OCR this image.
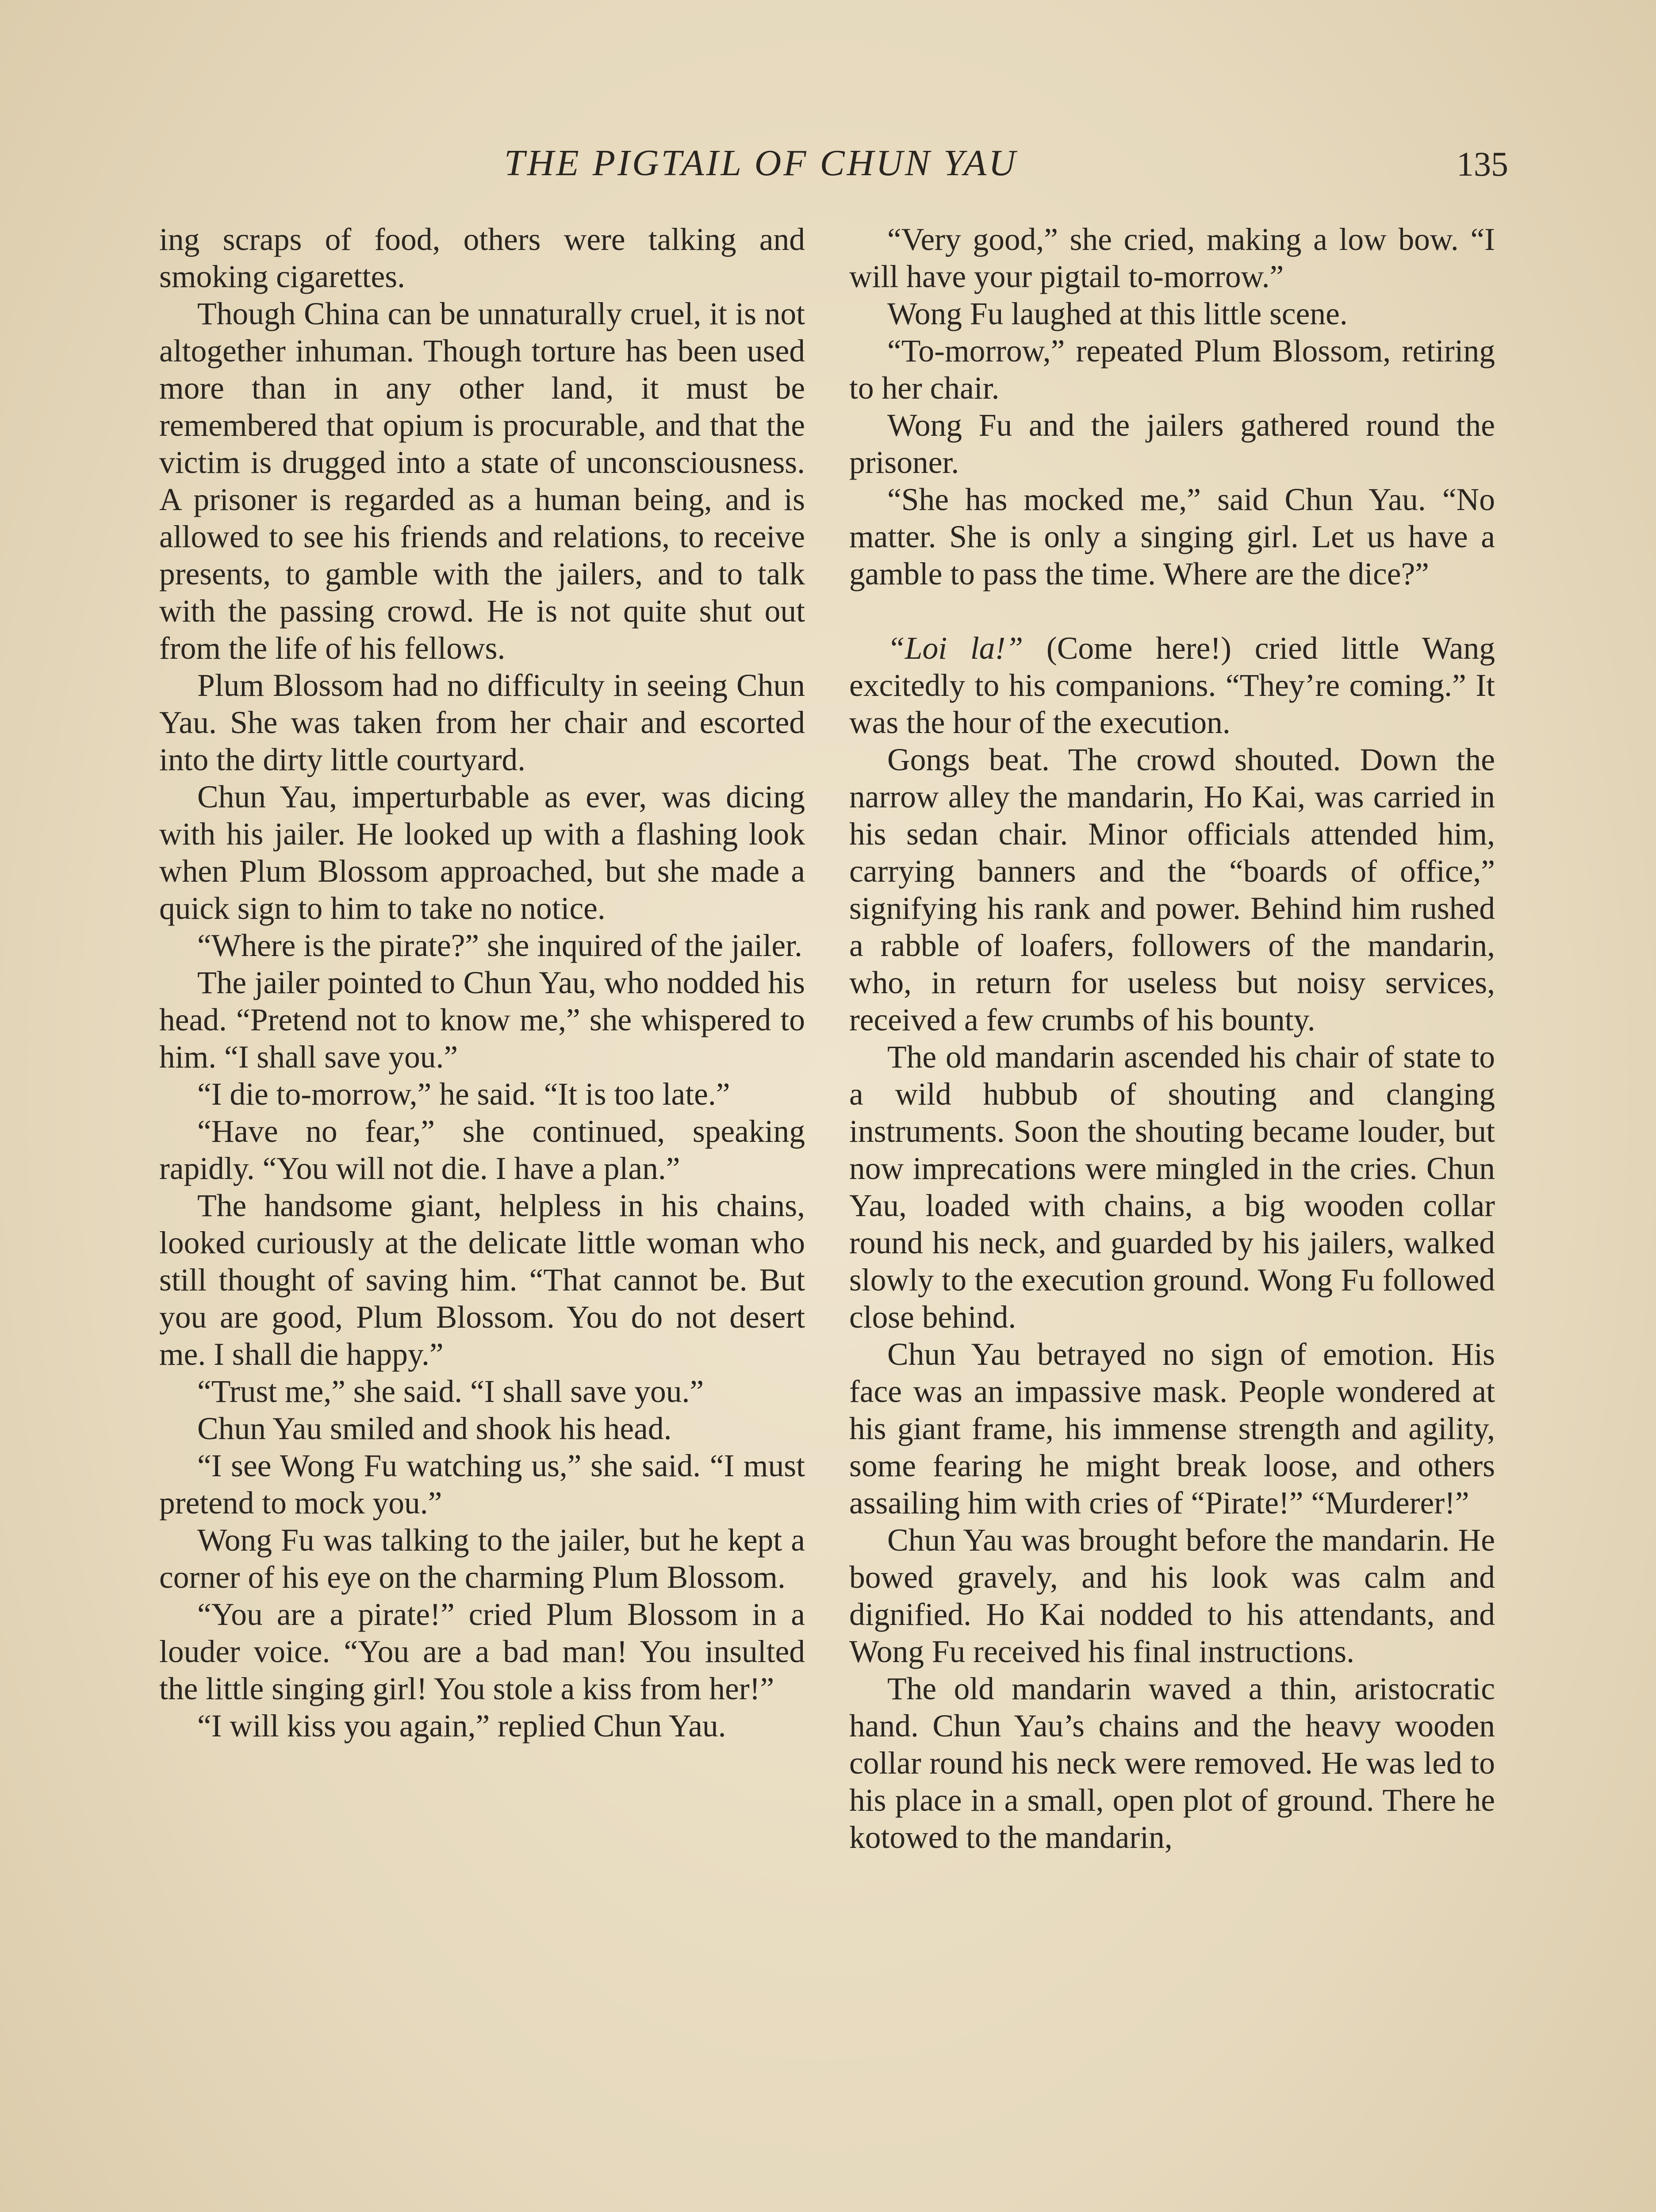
THE PIGTAIL OF CHUN YAU	135

ing scraps of food, others were talking and smoking cigarettes.

Though China can be unnaturally cruel, it is not altogether inhuman. Though torture has been used more than in any other land, it must be remembered that opium is procurable, and that the victim is drugged into a state of unconsciousness. A prisoner is regarded as a human being, and is allowed to see his friends and relations, to receive presents, to gamble with the jailers, and to talk with the passing crowd. He is not quite shut out from the life of his fellows.

Plum Blossom had no difficulty in seeing Chun Yau. She was taken from her chair and escorted into the dirty little courtyard.

Chun Yau, imperturbable as ever, was dicing with his jailer. He looked up with a flashing look when Plum Blossom approached, but she made a quick sign to him to take no notice.

“Where is the pirate?” she inquired of the jailer.

The jailer pointed to Chun Yau, who nodded his head. “Pretend not to know me,” she whispered to him. “I shall save you.”

“I die to-morrow,” he said. “It is too late.”

“Have no fear,” she continued, speaking rapidly. “You will not die. I have a plan.”

The handsome giant, helpless in his chains, looked curiously at the delicate little woman who still thought of saving him. “That cannot be. But you are good, Plum Blossom. You do not desert me. I shall die happy.”

“Trust me,” she said. “I shall save you.”

Chun Yau smiled and shook his head.

“I see Wong Fu watching us,” she said. “I must pretend to mock you.”

Wong Fu was talking to the jailer, but he kept a corner of his eye on the charming Plum Blossom.

“You are a pirate!” cried Plum Blossom in a louder voice. “You are a bad man! You insulted the little singing girl! You stole a kiss from her!”

“I will kiss you again,” replied Chun Yau.

“Very good,” she cried, making a low bow. “I will have your pigtail to-morrow.”

Wong Fu laughed at this little scene.

“To-morrow,” repeated Plum Blossom, retiring to her chair.

Wong Fu and the jailers gathered round the prisoner.

“She has mocked me,” said Chun Yau. “No matter. She is only a singing girl. Let us have a gamble to pass the time. Where are the dice?”

“Loi la!” (Come here!) cried little Wang excitedly to his companions. “They’re coming.” It was the hour of the execution.

Gongs beat. The crowd shouted. Down the narrow alley the mandarin, Ho Kai, was carried in his sedan chair. Minor officials attended him, carrying banners and the “boards of office,” signifying his rank and power. Behind him rushed a rabble of loafers, followers of the mandarin, who, in return for useless but noisy services, received a few crumbs of his bounty.

The old mandarin ascended his chair of state to a wild hubbub of shouting and clanging instruments. Soon the shouting became louder, but now imprecations were mingled in the cries. Chun Yau, loaded with chains, a big wooden collar round his neck, and guarded by his jailers, walked slowly to the execution ground. Wong Fu followed close behind.

Chun Yau betrayed no sign of emotion. His face was an impassive mask. People wondered at his giant frame, his immense strength and agility, some fearing he might break loose, and others assailing him with cries of “Pirate!” “Murderer!”

Chun Yau was brought before the mandarin. He bowed gravely, and his look was calm and dignified. Ho Kai nodded to his attendants, and Wong Fu received his final instructions.

The old mandarin waved a thin, aristocratic hand. Chun Yau’s chains and the heavy wooden collar round his neck were removed. He was led to his place in a small, open plot of ground. There he kotowed to the mandarin,
